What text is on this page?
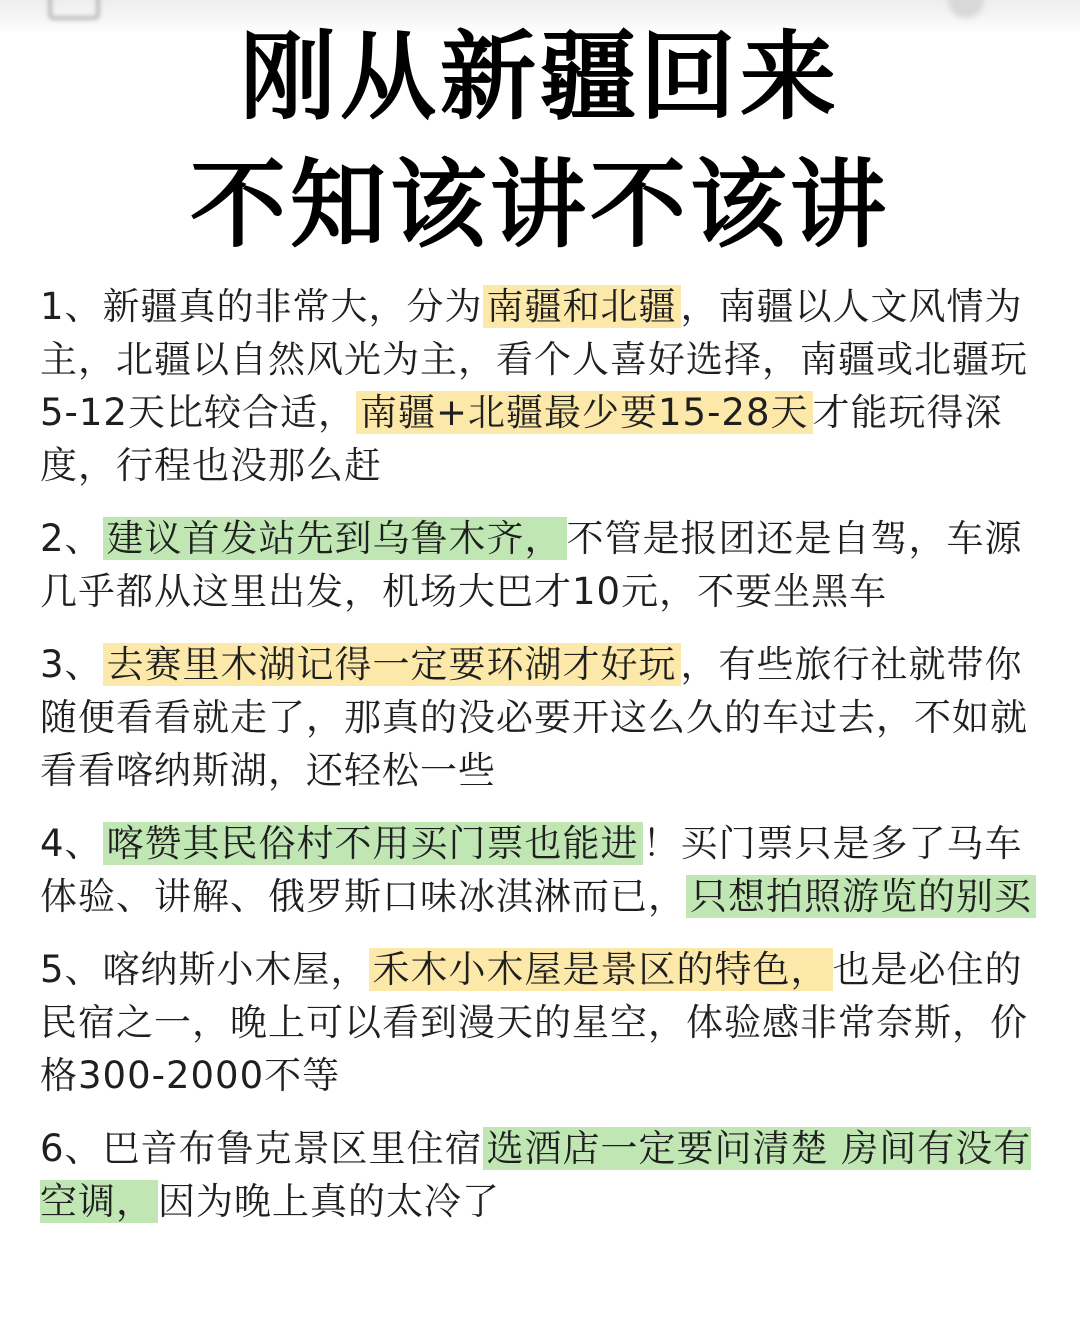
刚从新疆回来
不知该讲不该讲

1、新疆真的非常大，分为 南疆和北疆 ，南疆以人文风情为主，北疆以自然风光为主，看个人喜好选择，南疆或北疆玩5-12天比较合适， 南疆+北疆最少要15-28天 才能玩得深度，行程也没那么赶

2、 建议首发站先到乌鲁木齐， 不管是报团还是自驾，车源几乎都从这里出发，机场大巴才10元，不要坐黑车

3、 去赛里木湖记得一定要环湖才好玩 ，有些旅行社就带你随便看看就走了，那真的没必要开这么久的车过去，不如就看看喀纳斯湖，还轻松一些

4、 喀赞其民俗村不用买门票也能进 ！买门票只是多了马车体验、讲解、俄罗斯口味冰淇淋而已， 只想拍照游览的别买

5、喀纳斯小木屋， 禾木小木屋是景区的特色， 也是必住的民宿之一，晚上可以看到漫天的星空，体验感非常奈斯，价格300-2000不等

6、巴音布鲁克景区里住宿 选酒店一定要问清楚 房间有没有空调， 因为晚上真的太冷了
